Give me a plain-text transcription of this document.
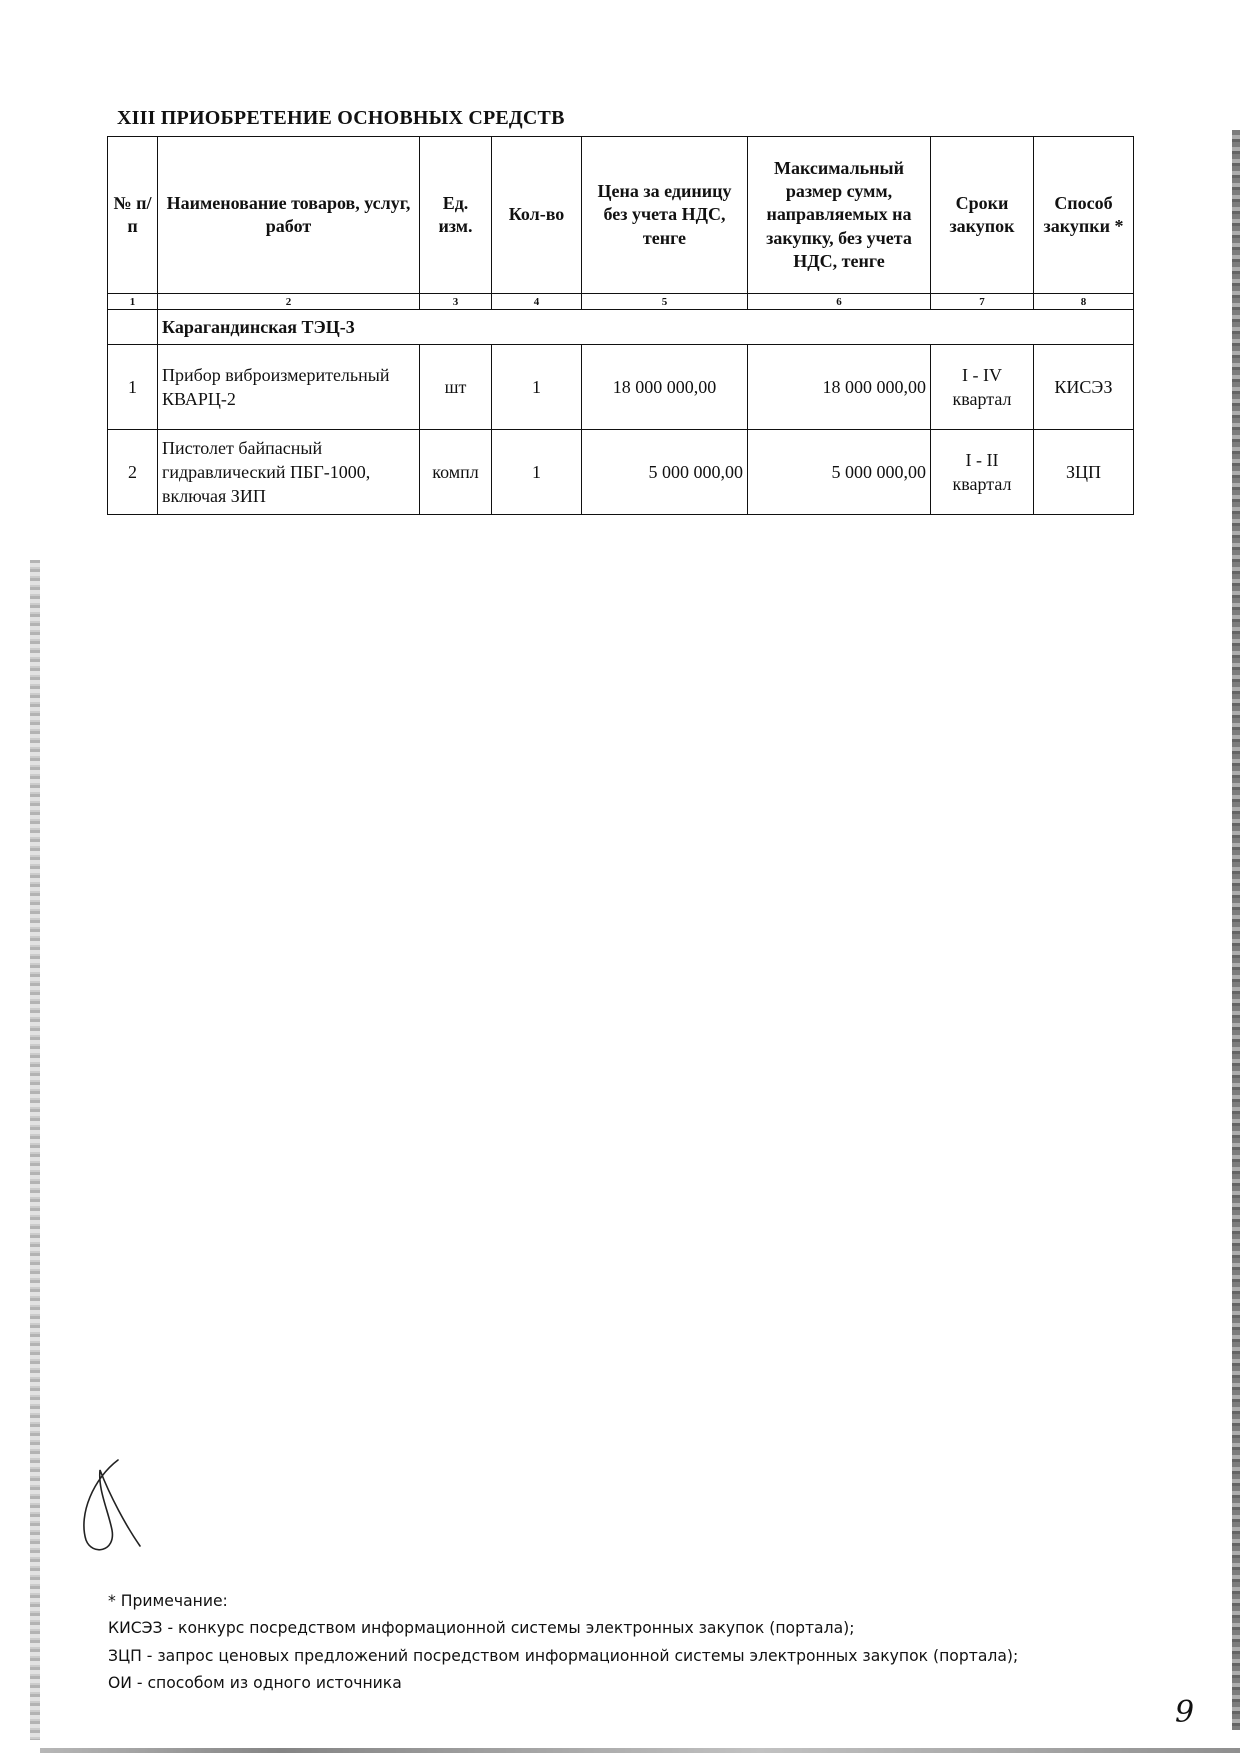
XIII ПРИОБРЕТЕНИЕ ОСНОВНЫХ СРЕДСТВ
№ п/п	Наименование товаров, услуг, работ	Ед. изм.	Кол-во	Цена за единицу без учета НДС, тенге	Максимальный размер сумм, направляемых на закупку, без учета НДС, тенге	Сроки закупок	Способ закупки *
1	2	3	4	5	6	7	8
	Карагандинская ТЭЦ-3						
1	Прибор виброизмерительный КВАРЦ-2	шт	1	18 000 000,00	18 000 000,00	I - IV квартал	КИСЭЗ
2	Пистолет байпасный гидравлический ПБГ-1000, включая ЗИП	компл	1	5 000 000,00	5 000 000,00	I - II квартал	ЗЦП

* Примечание:

КИСЭЗ - конкурс посредством информационной системы электронных закупок (портала);

ЗЦП - запрос ценовых предложений посредством информационной системы электронных закупок (портала);

ОИ - способом из одного источника

9
